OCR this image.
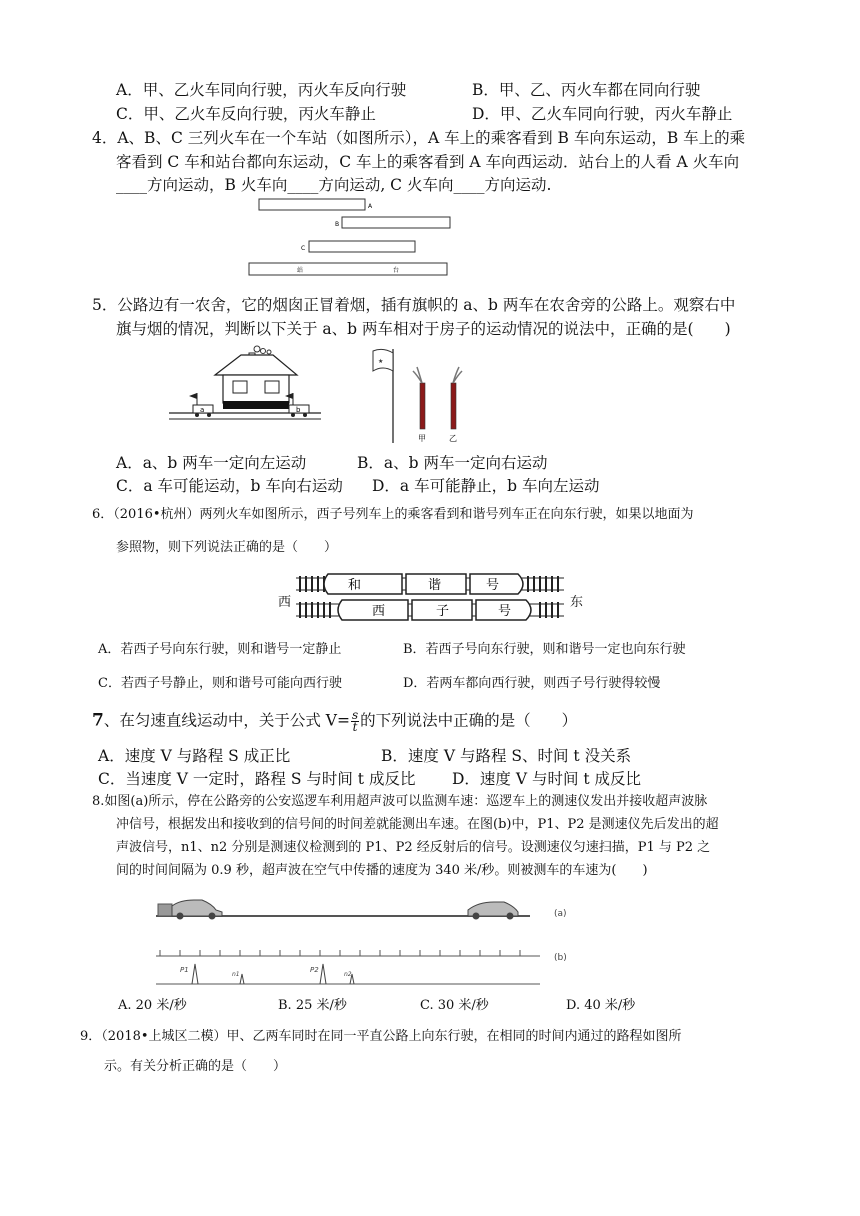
A．甲、乙火车同向行驶，丙火车反向行驶	B．甲、乙、丙火车都在同向行驶
C．甲、乙火车反向行驶，丙火车静止	D．甲、乙火车同向行驶，丙火车静止
4．A、B、C 三列火车在一个车站（如图所示），A 车上的乘客看到 B 车向东运动，B 车上的乘
客看到 C 车和站台都向东运动，C 车上的乘客看到 A 车向西运动．站台上的人看 A 火车向
____方向运动，B 火车向____方向运动, C 火车向____方向运动.
A
B
C
站	台
5．公路边有一农舍，它的烟囱正冒着烟，插有旗帜的 a、b 两车在农舍旁的公路上。观察右中
旗与烟的情况，判断以下关于 a、b 两车相对于房子的运动情况的说法中，正确的是(　　)
a	b
★
甲	乙
A．a、b 两车一定向左运动	B．a、b 两车一定向右运动
C．a 车可能运动，b 车向右运动 D．a 车可能静止，b 车向左运动
6．（2016•杭州）两列火车如图所示，西子号列车上的乘客看到和谐号列车正在向东行驶，如果以地面为
参照物，则下列说法正确的是（　　）
西	东
和	谐	号
西	子	号
A．若西子号向东行驶，则和谐号一定静止	B．若西子号向东行驶，则和谐号一定也向东行驶
C．若西子号静止，则和谐号可能向西行驶	D．若两车都向西行驶，则西子号行驶得较慢
7、在匀速直线运动中，关于公式 $V= \frac{s}{t}$ 的下列说法中正确的是（　　）
A．速度 V 与路程 S 成正比	B．速度 V 与路程 S、时间 t 没关系
C．当速度 V 一定时，路程 S 与时间 t 成反比 D．速度 V 与时间 t 成反比
8.如图(a)所示，停在公路旁的公安巡逻车利用超声波可以监测车速：巡逻车上的测速仪发出并接收超声波脉
冲信号，根据发出和接收到的信号间的时间差就能测出车速。在图(b)中，P1、P2 是测速仪先后发出的超
声波信号，n1、n2 分别是测速仪检测到的 P1、P2 经反射后的信号。设测速仪匀速扫描，P1 与 P2 之
间的时间间隔为 0.9 秒，超声波在空气中传播的速度为 340 米/秒。则被测车的车速为(　　)
(a)
(b)
P1
n1
P2
n2
A. 20 米/秒	B. 25 米/秒	C. 30 米/秒	D. 40 米/秒
9．（2018•上城区二模）甲、乙两车同时在同一平直公路上向东行驶，在相同的时间内通过的路程如图所
示。有关分析正确的是（　　）
